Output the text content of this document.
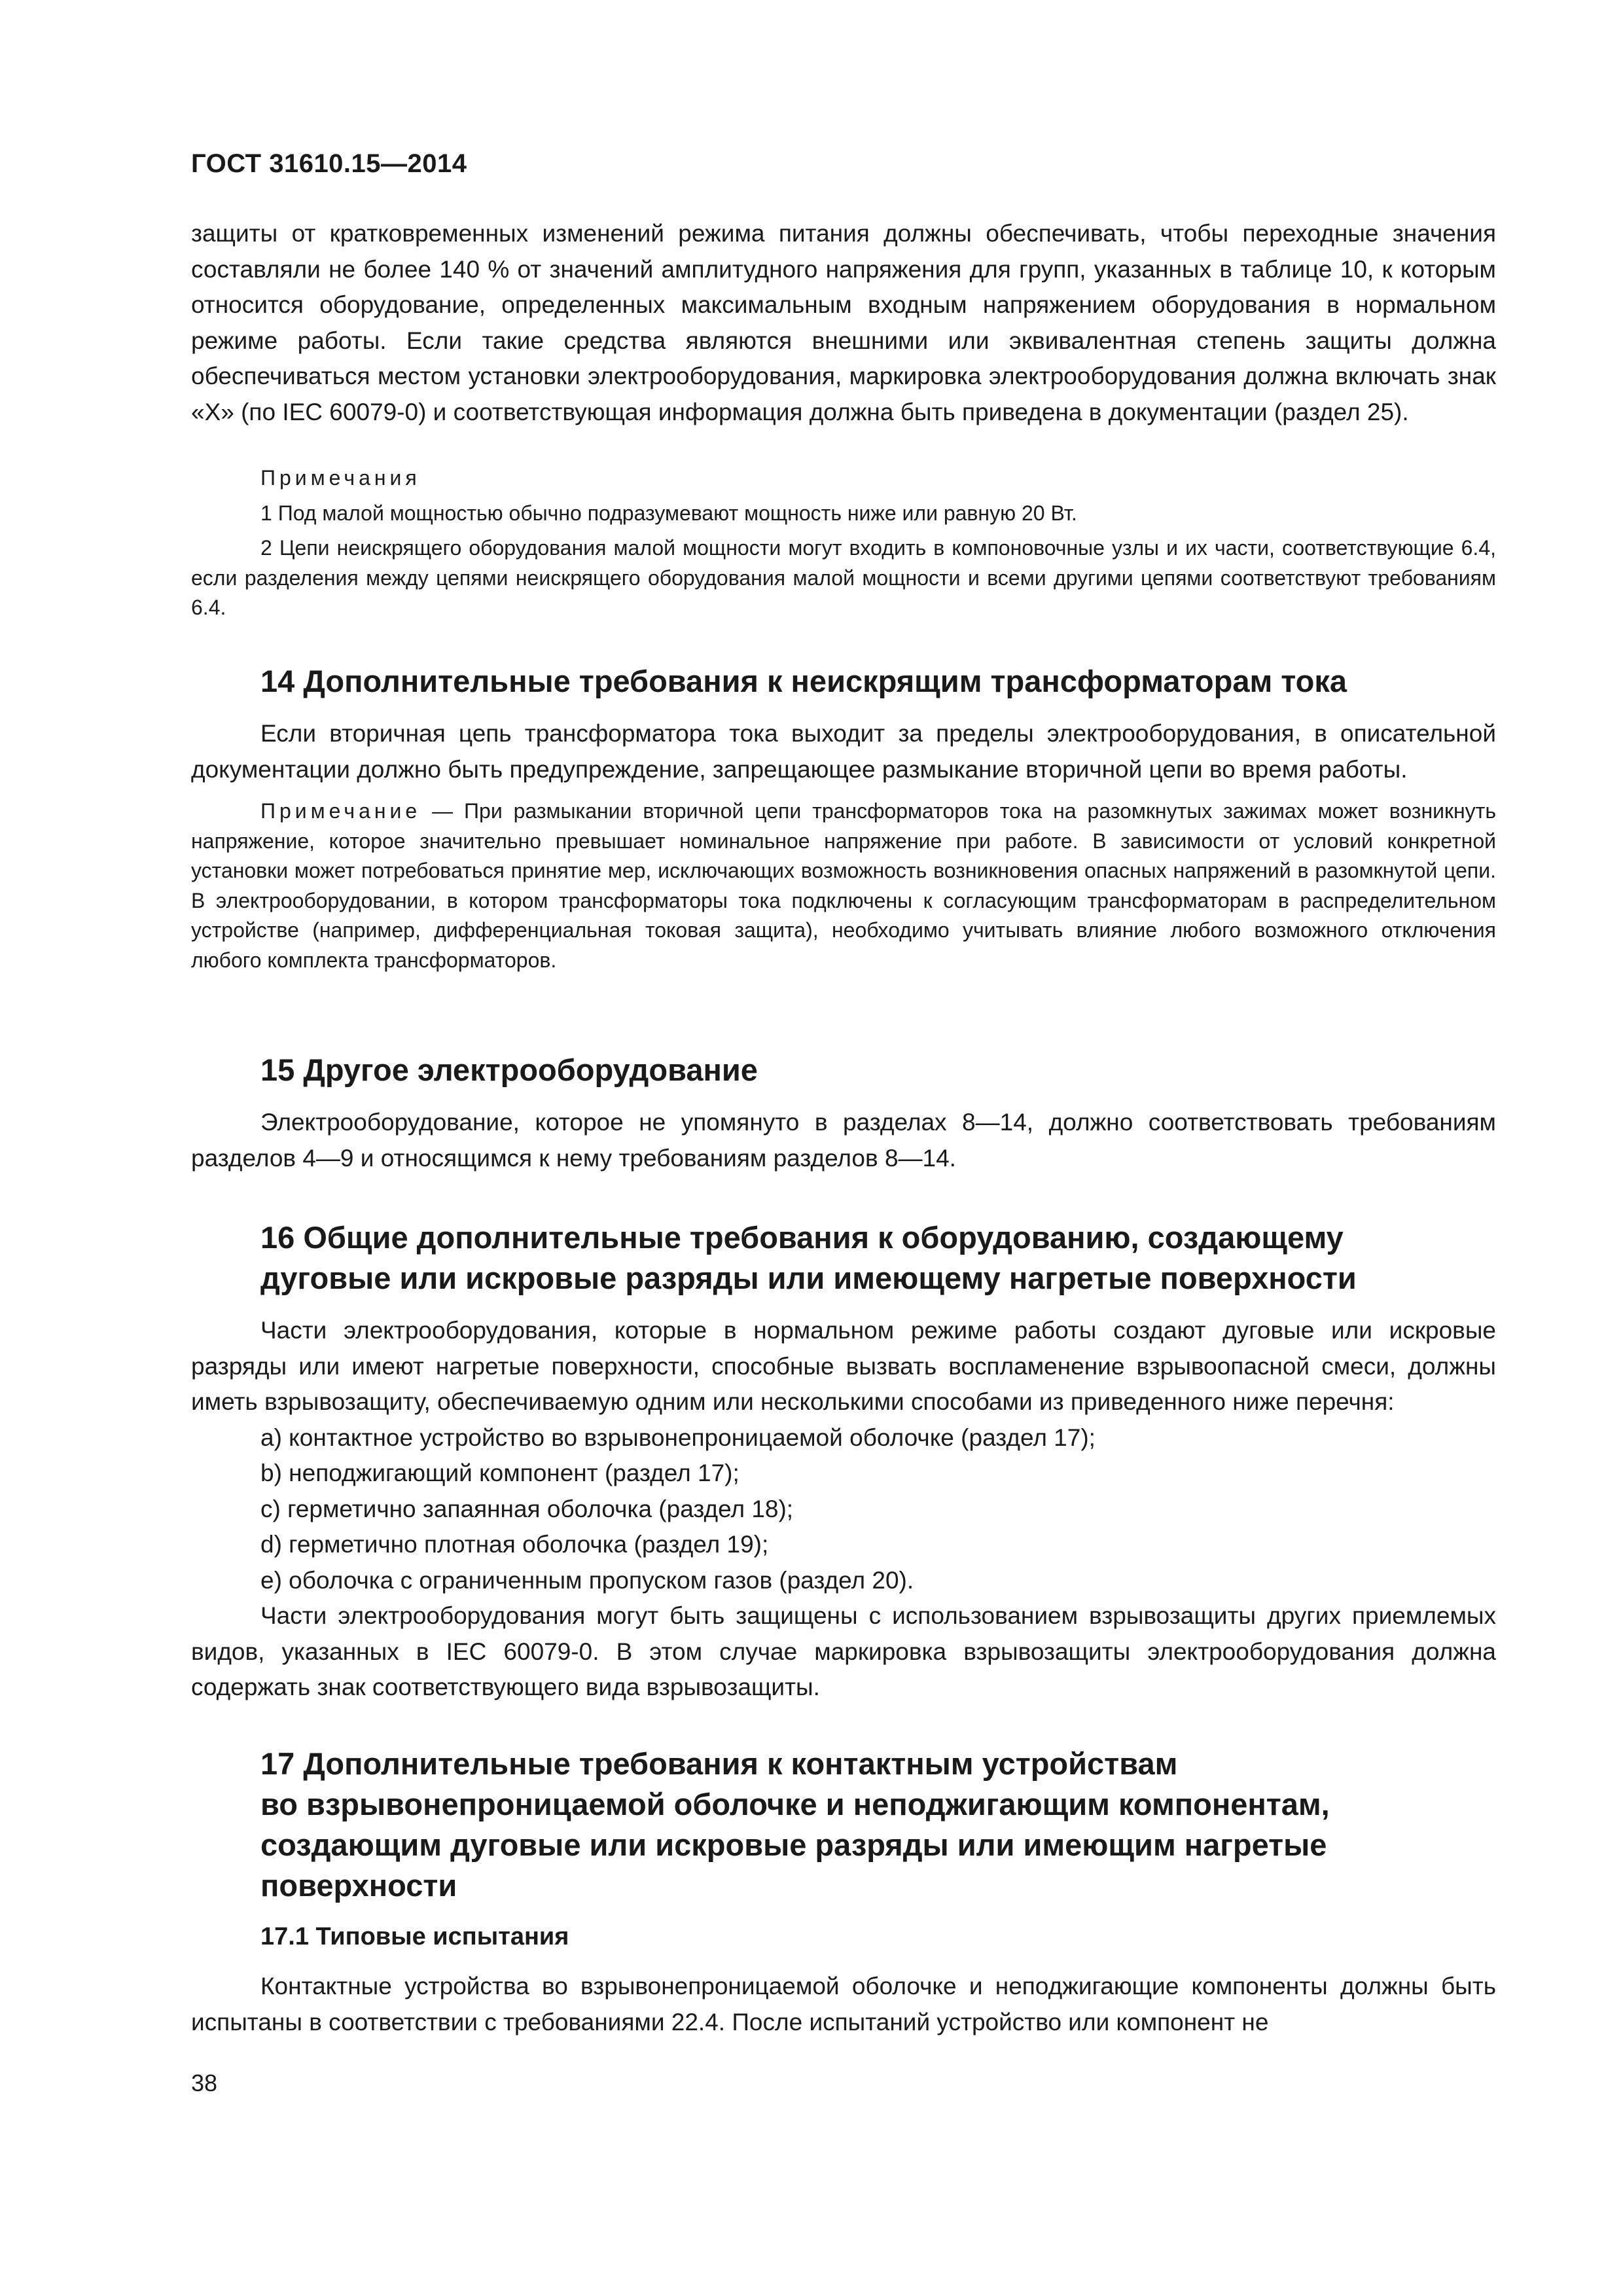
ГОСТ 31610.15—2014

защиты от кратковременных изменений режима питания должны обеспечивать, чтобы переходные значения составляли не более 140 % от значений амплитудного напряжения для групп, указанных в таблице 10, к которым относится оборудование, определенных максимальным входным напряжением оборудования в нормальном режиме работы. Если такие средства являются внешними или эквивалентная степень защиты должна обеспечиваться местом установки электрооборудования, маркировка электрооборудования должна включать знак «X» (по IEC 60079-0) и соответствующая информация должна быть приведена в документации (раздел 25).

Примечания

1 Под малой мощностью обычно подразумевают мощность ниже или равную 20 Вт.

2 Цепи неискрящего оборудования малой мощности могут входить в компоновочные узлы и их части, соответствующие 6.4, если разделения между цепями неискрящего оборудования малой мощности и всеми другими цепями соответствуют требованиям 6.4.

14 Дополнительные требования к неискрящим трансформаторам тока

Если вторичная цепь трансформатора тока выходит за пределы электрооборудования, в описательной документации должно быть предупреждение, запрещающее размыкание вторичной цепи во время работы.

Примечание — При размыкании вторичной цепи трансформаторов тока на разомкнутых зажимах может возникнуть напряжение, которое значительно превышает номинальное напряжение при работе. В зависимости от условий конкретной установки может потребоваться принятие мер, исключающих возможность возникновения опасных напряжений в разомкнутой цепи. В электрооборудовании, в котором трансформаторы тока подключены к согласующим трансформаторам в распределительном устройстве (например, дифференциальная токовая защита), необходимо учитывать влияние любого возможного отключения любого комплекта трансформаторов.

15 Другое электрооборудование

Электрооборудование, которое не упомянуто в разделах 8—14, должно соответствовать требованиям разделов 4—9 и относящимся к нему требованиям разделов 8—14.

16 Общие дополнительные требования к оборудованию, создающему
дуговые или искровые разряды или имеющему нагретые поверхности

Части электрооборудования, которые в нормальном режиме работы создают дуговые или искровые разряды или имеют нагретые поверхности, способные вызвать воспламенение взрывоопасной смеси, должны иметь взрывозащиту, обеспечиваемую одним или несколькими способами из приведенного ниже перечня:

а) контактное устройство во взрывонепроницаемой оболочке (раздел 17);
b) неподжигающий компонент (раздел 17);
c) герметично запаянная оболочка (раздел 18);
d) герметично плотная оболочка (раздел 19);
e) оболочка с ограниченным пропуском газов (раздел 20).

Части электрооборудования могут быть защищены с использованием взрывозащиты других приемлемых видов, указанных в IEC 60079-0. В этом случае маркировка взрывозащиты электрооборудования должна содержать знак соответствующего вида взрывозащиты.

17 Дополнительные требования к контактным устройствам
во взрывонепроницаемой оболочке и неподжигающим компонентам,
создающим дуговые или искровые разряды или имеющим нагретые
поверхности
17.1 Типовые испытания

Контактные устройства во взрывонепроницаемой оболочке и неподжигающие компоненты должны быть испытаны в соответствии с требованиями 22.4. После испытаний устройство или компонент не

38
